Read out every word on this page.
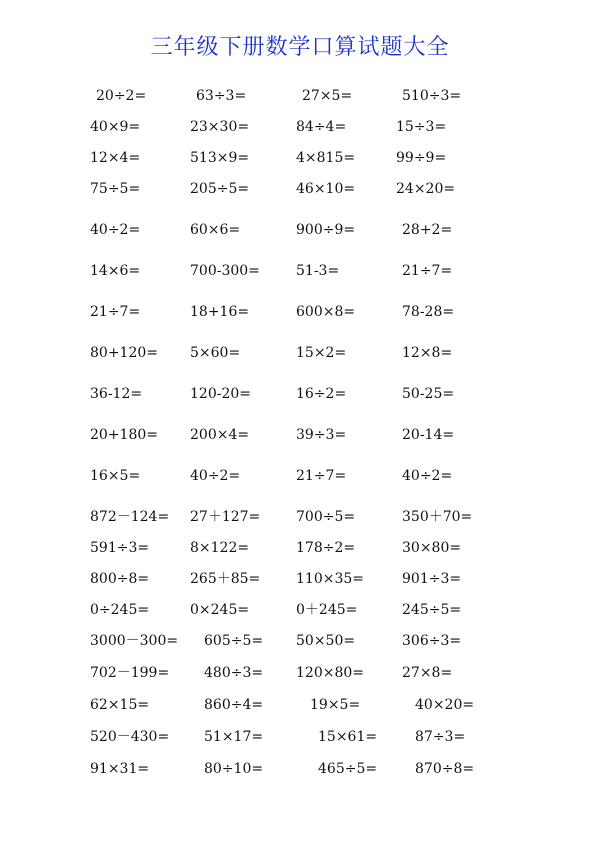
三年级下册数学口算试题大全
20÷2=	63÷3=	27×5=	510÷3=
40×9=	23×30=	84÷4=	15÷3=
12×4=	513×9=	4×815=	99÷9=
75÷5=	205÷5=	46×10=	24×20=
40÷2=	60×6=	900÷9=	28+2=
14×6=	700-300=	51-3=	21÷7=
21÷7=	18+16=	600×8=	78-28=
80+120= 5×60=	15×2=	12×8=
36-12=	120-20=	16÷2=	50-25=
20+180= 200×4=	39÷3=	20-14=
16×5=	40÷2=	21÷7=	40÷2=
872－124= 27＋127=	700÷5=	350＋70=
591÷3=	8×122=	178÷2=	30×80=
800÷8=	265＋85=	110×35=	901÷3=
0÷245=	0×245=	0＋245=	245÷5=
3000－300= 605÷5= 50×50=	306÷3=
702－199= 480÷3= 120×80=	27×8=
62×15=	860÷4=	19×5=	40×20=
520－430= 51×17=	15×61=	87÷3=
91×31=	80÷10=	465÷5=	870÷8=
